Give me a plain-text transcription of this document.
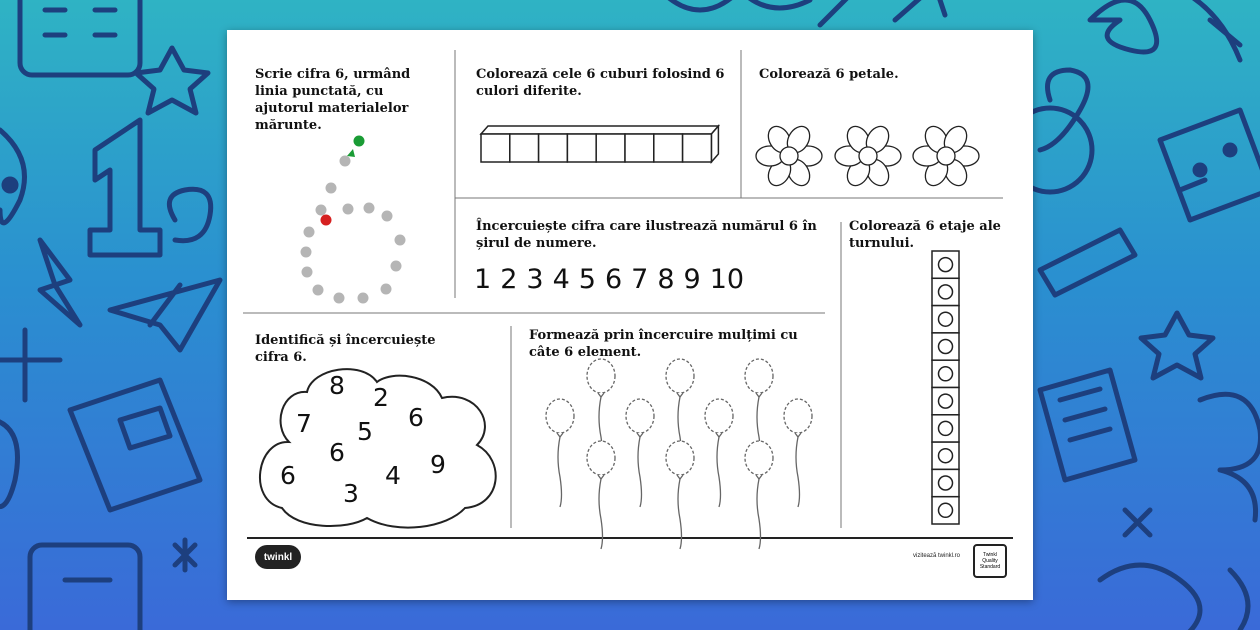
Scrie cifra 6, urmând linia punctată, cu ajutorul materialelor mărunte.

Colorează cele 6 cuburi folosind 6 culori diferite.

Colorează 6 petale.

Încercuiește cifra care ilustrează numărul 6 în șirul de numere.

Colorează 6 etaje ale turnului.

Identifică și încercuiește cifra 6.

Formează prin încercuire mulțimi cu câte 6 element.

1 2 3 4 5 6 7 8 9 10
8 2
6
7 5
6
6	4 9
3
twinkl	vizitează twinkl.ro	Twinkl Quality Standard
